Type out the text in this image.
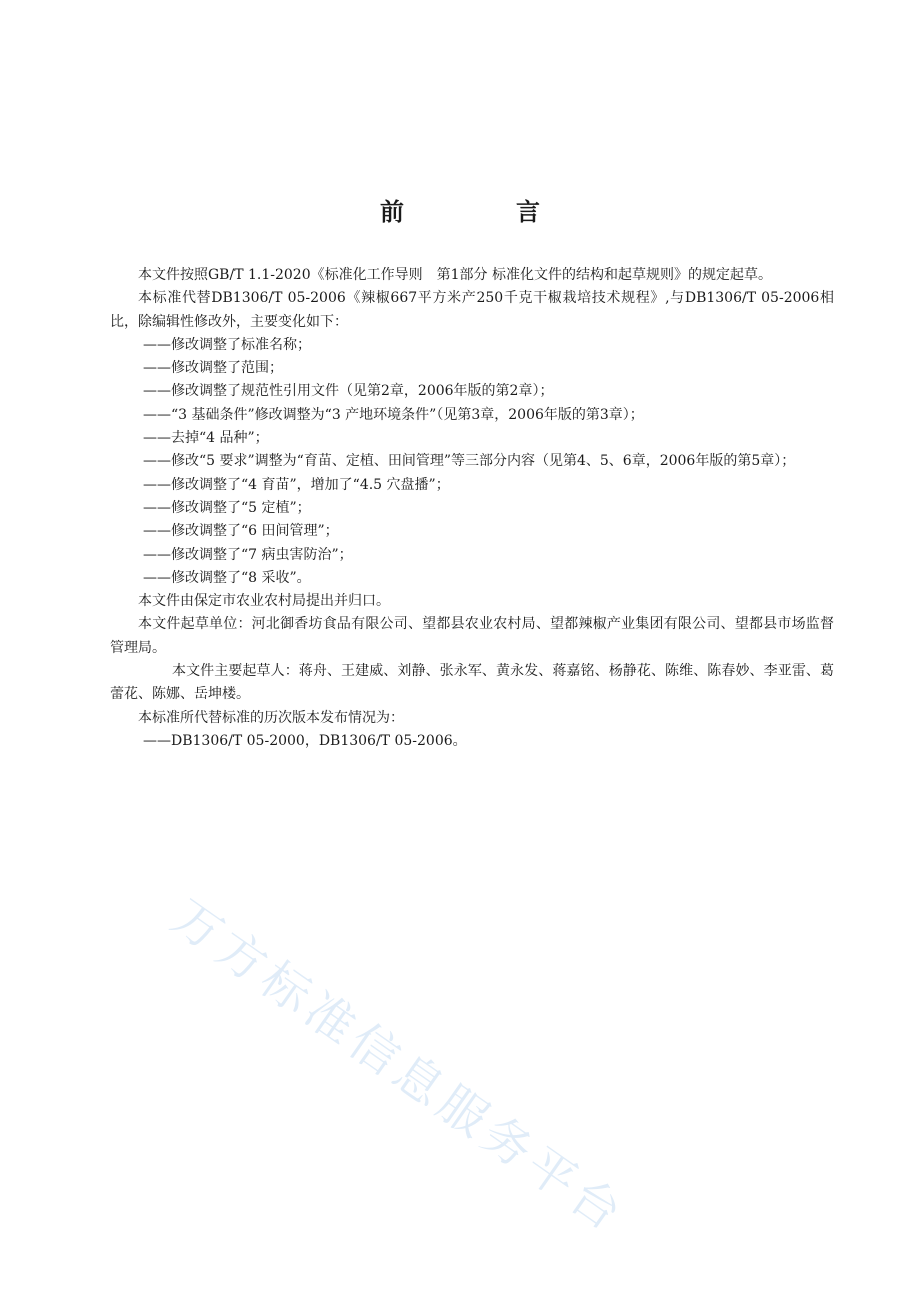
前　言

本文件按照GB/T 1.1-2020《标准化工作导则　第1部分 标准化文件的结构和起草规则》的规定起草。

本标准代替DB1306/T 05-2006《辣椒667平方米产250千克干椒栽培技术规程》,与DB1306/T 05-2006相比，除编辑性修改外，主要变化如下：

——修改调整了标准名称；

——修改调整了范围；

——修改调整了规范性引用文件（见第2章，2006年版的第2章）；

——“3 基础条件”修改调整为“3 产地环境条件”（见第3章，2006年版的第3章）；

——去掉“4 品种”；

——修改“5 要求”调整为“育苗、定植、田间管理”等三部分内容（见第4、5、6章，2006年版的第5章）；

——修改调整了“4 育苗”，增加了“4.5 穴盘播”；

——修改调整了“5 定植”；

——修改调整了“6 田间管理”；

——修改调整了“7 病虫害防治”；

——修改调整了“8 采收”。

本文件由保定市农业农村局提出并归口。

本文件起草单位：河北御香坊食品有限公司、望都县农业农村局、望都辣椒产业集团有限公司、望都县市场监督管理局。

本文件主要起草人：蒋舟、王建威、刘静、张永军、黄永发、蒋嘉铭、杨静花、陈维、陈春妙、李亚雷、葛蕾花、陈娜、岳坤楼。

本标准所代替标准的历次版本发布情况为：

——DB1306/T 05-2000，DB1306/T 05-2006。

万方标准信息服务平台
